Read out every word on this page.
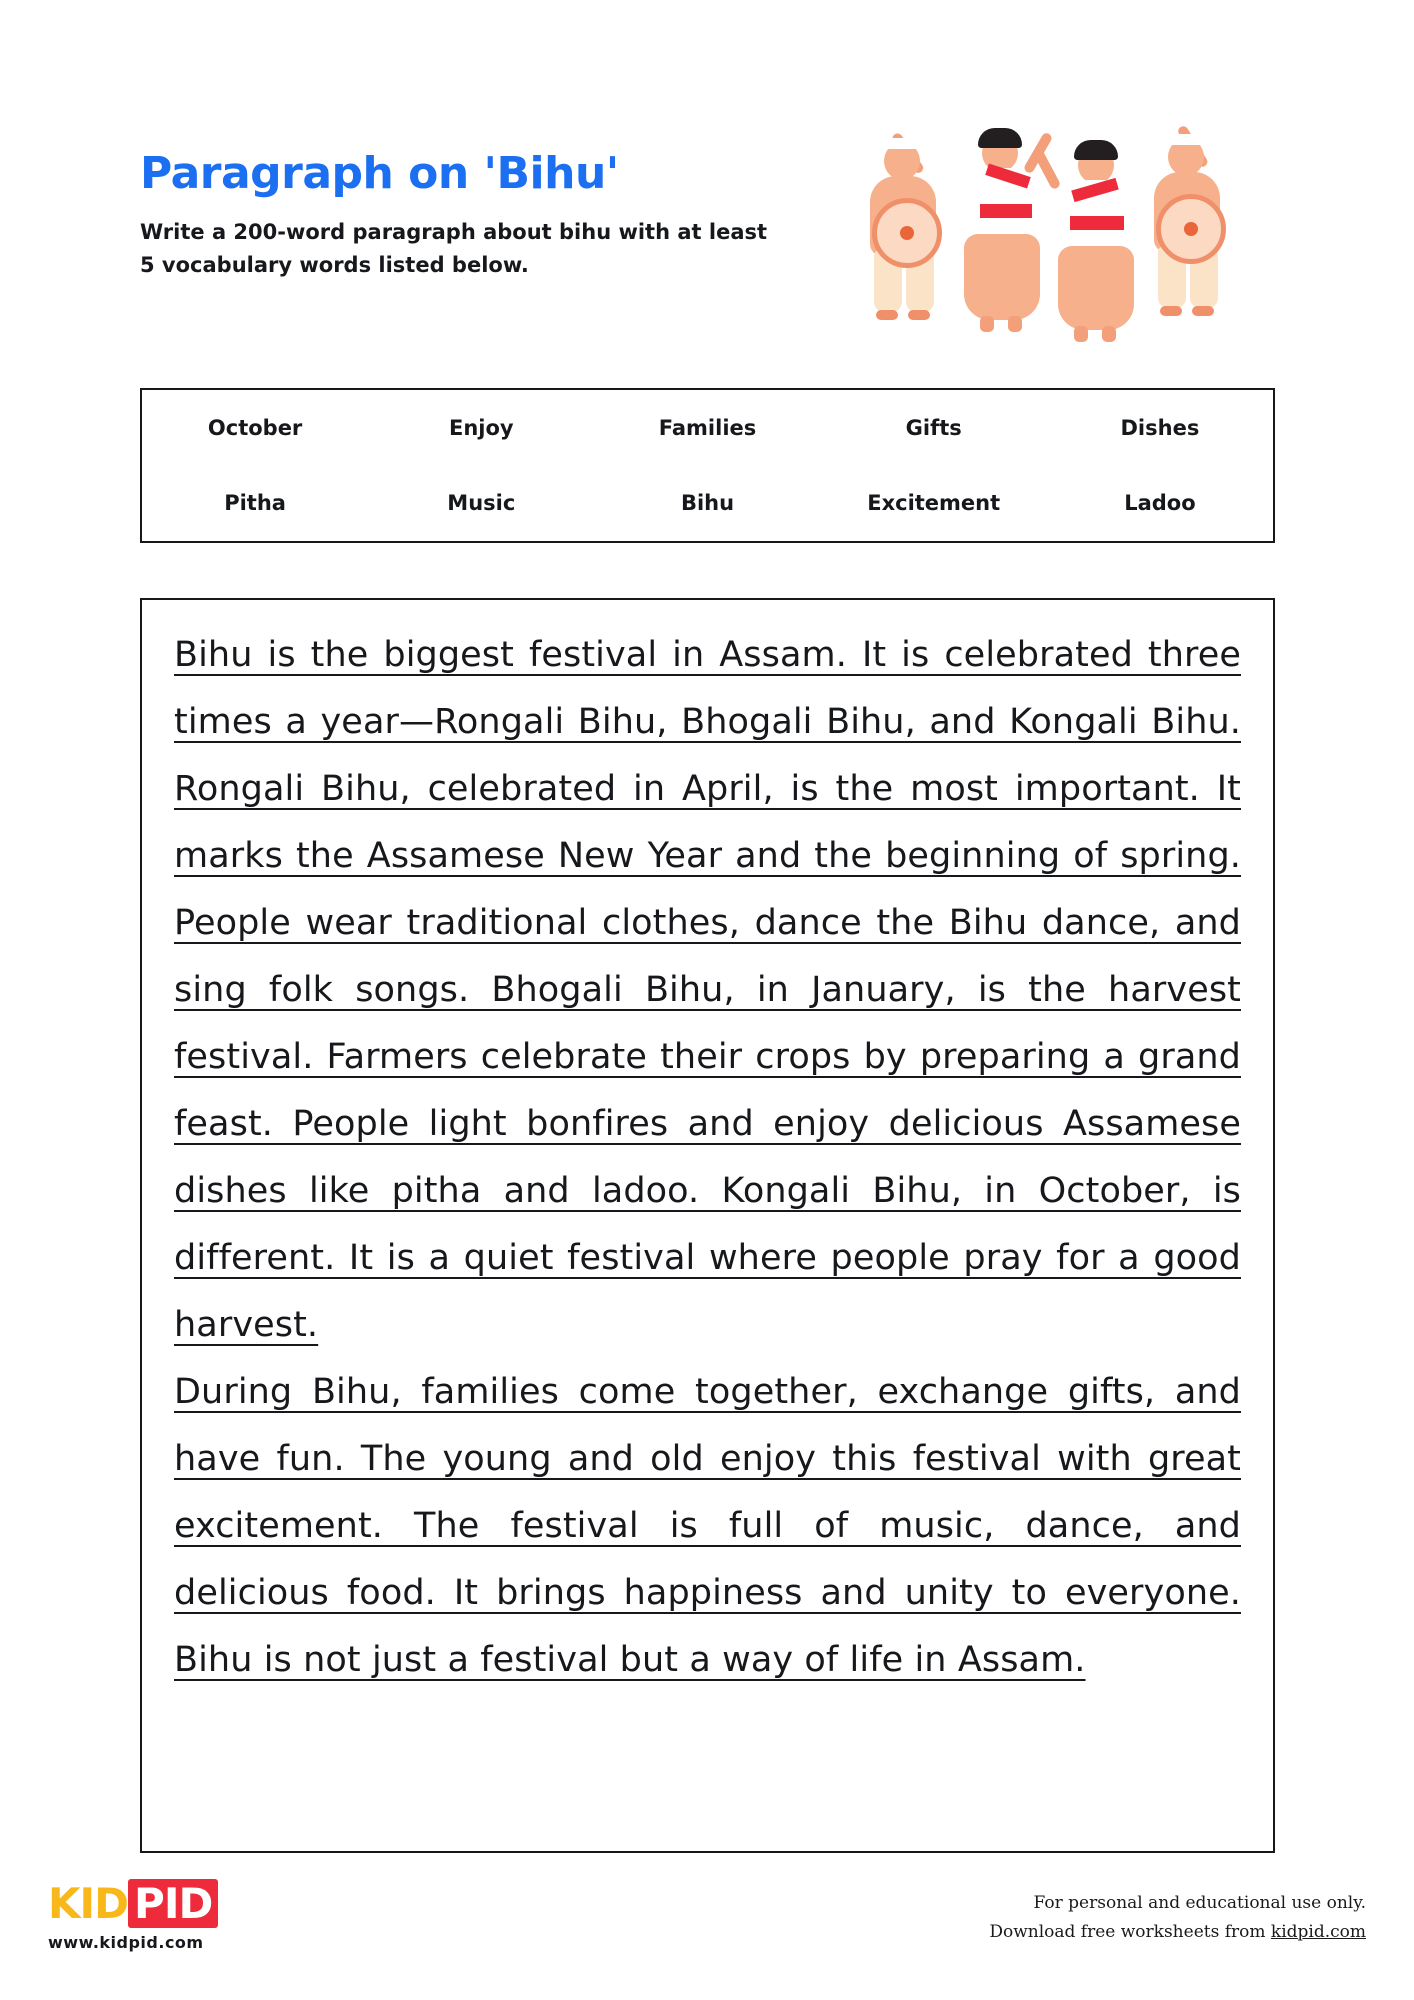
Paragraph on 'Bihu'
Write a 200-word paragraph about bihu with at least 5 vocabulary words listed below.
October	Enjoy	Families	Gifts	Dishes
Pitha	Music	Bihu	Excitement	Ladoo

Bihu is the biggest festival in Assam. It is celebrated three times a year—Rongali Bihu, Bhogali Bihu, and Kongali Bihu. Rongali Bihu, celebrated in April, is the most important. It marks the Assamese New Year and the beginning of spring. People wear traditional clothes, dance the Bihu dance, and sing folk songs. Bhogali Bihu, in January, is the harvest festival. Farmers celebrate their crops by preparing a grand feast. People light bonfires and enjoy delicious Assamese dishes like pitha and ladoo. Kongali Bihu, in October, is different. It is a quiet festival where people pray for a good harvest.

During Bihu, families come together, exchange gifts, and have fun. The young and old enjoy this festival with great excitement. The festival is full of music, dance, and delicious food. It brings happiness and unity to everyone. Bihu is not just a festival but a way of life in Assam.

KID PID
www.kidpid.com
For personal and educational use only.
Download free worksheets from kidpid.com
